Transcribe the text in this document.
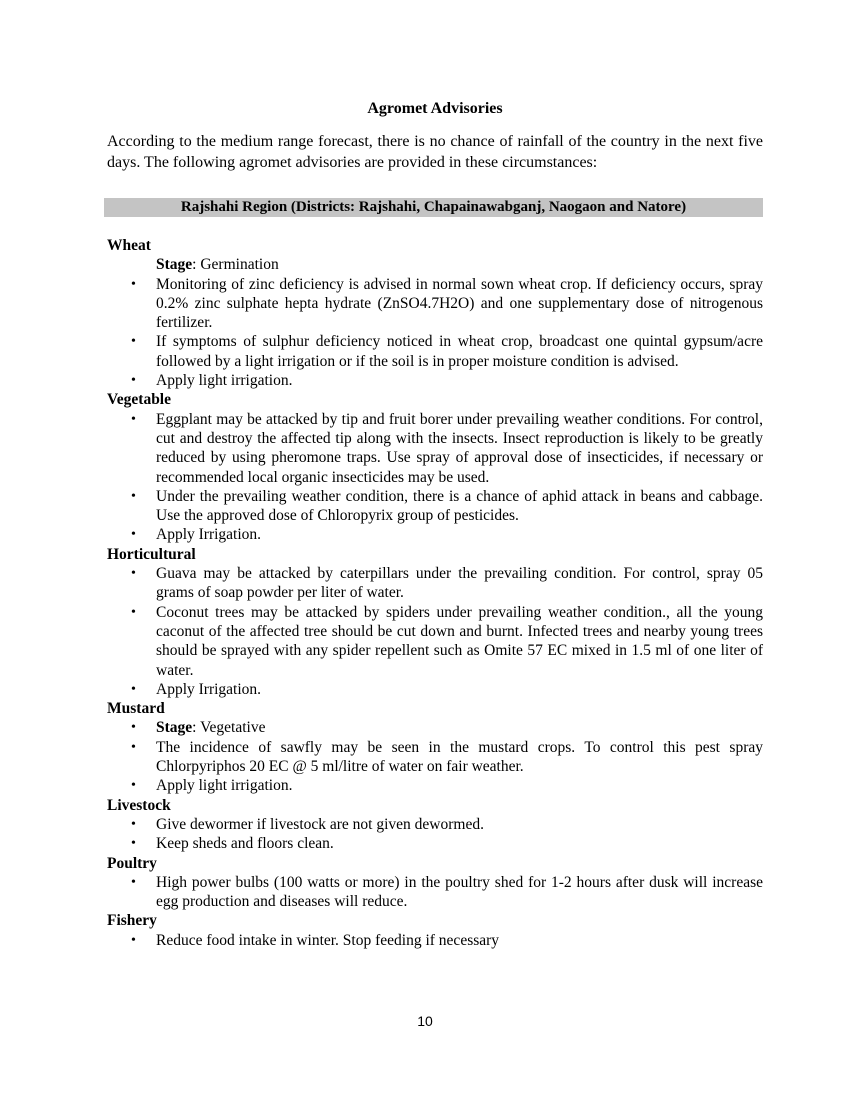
Agromet Advisories
According to the medium range forecast, there is no chance of rainfall of the country in the next five days. The following agromet advisories are provided in these circumstances:
Rajshahi Region (Districts: Rajshahi, Chapainawabganj, Naogaon and Natore)
Wheat
Stage: Germination
• Monitoring of zinc deficiency is advised in normal sown wheat crop. If deficiency occurs, spray 0.2% zinc sulphate hepta hydrate (ZnSO4.7H2O) and one supplementary dose of nitrogenous fertilizer.
• If symptoms of sulphur deficiency noticed in wheat crop, broadcast one quintal gypsum/acre followed by a light irrigation or if the soil is in proper moisture condition is advised.
• Apply light irrigation.
Vegetable
• Eggplant may be attacked by tip and fruit borer under prevailing weather conditions. For control, cut and destroy the affected tip along with the insects. Insect reproduction is likely to be greatly reduced by using pheromone traps. Use spray of approval dose of insecticides, if necessary or recommended local organic insecticides may be used.
• Under the prevailing weather condition, there is a chance of aphid attack in beans and cabbage. Use the approved dose of Chloropyrix group of pesticides.
• Apply Irrigation.
Horticultural
• Guava may be attacked by caterpillars under the prevailing condition. For control, spray 05 grams of soap powder per liter of water.
• Coconut trees may be attacked by spiders under prevailing weather condition., all the young caconut of the affected tree should be cut down and burnt. Infected trees and nearby young trees should be sprayed with any spider repellent such as Omite 57 EC mixed in 1.5 ml of one liter of water.
• Apply Irrigation.
Mustard
• Stage: Vegetative
• The incidence of sawfly may be seen in the mustard crops. To control this pest spray Chlorpyriphos 20 EC @ 5 ml/litre of water on fair weather.
• Apply light irrigation.
Livestock
• Give dewormer if livestock are not given dewormed.
• Keep sheds and floors clean.
Poultry
• High power bulbs (100 watts or more) in the poultry shed for 1-2 hours after dusk will increase egg production and diseases will reduce.
Fishery
• Reduce food intake in winter. Stop feeding if necessary
10
